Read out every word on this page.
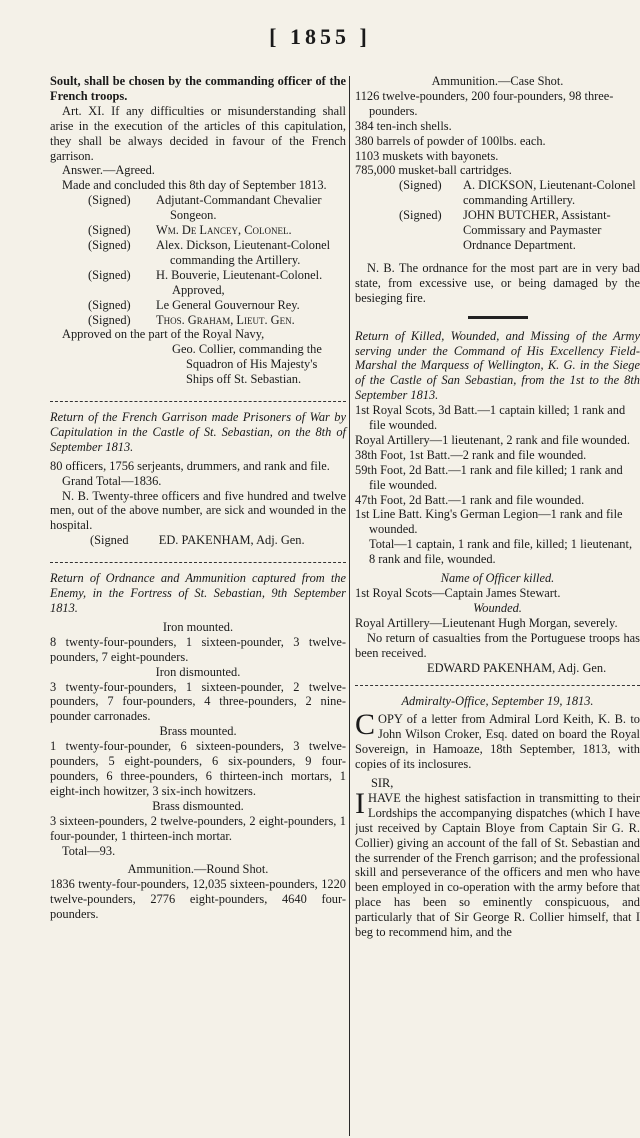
[ 1855 ]

Soult, shall be chosen by the commanding officer of the French troops.

Art. XI. If any difficulties or misunderstanding shall arise in the execution of the articles of this capitulation, they shall be always decided in favour of the French garrison.

Answer.—Agreed.

Made and concluded this 8th day of September 1813.

(Signed)	Adjutant-Commandant Chevalier Songeon.
(Signed)	Wm. De Lancey, Colonel.
(Signed)	Alex. Dickson, Lieutenant-Colonel commanding the Artillery.
(Signed)	H. Bouverie, Lieutenant-Colonel.

Approved,

(Signed)	Le General Gouvernour Rey.
(Signed)	Thos. Graham, Lieut. Gen.

Approved on the part of the Royal Navy,

Geo. Collier, commanding the Squadron of His Majesty's Ships off St. Sebastian.

Return of the French Garrison made Prisoners of War by Capitulation in the Castle of St. Sebastian, on the 8th of September 1813.

80 officers, 1756 serjeants, drummers, and rank and file.

Grand Total—1836.

N. B. Twenty-three officers and five hundred and twelve men, out of the above number, are sick and wounded in the hospital.

(Signed ED. PAKENHAM, Adj. Gen.

Return of Ordnance and Ammunition captured from the Enemy, in the Fortress of St. Sebastian, 9th September 1813.

Iron mounted.

8 twenty-four-pounders, 1 sixteen-pounder, 3 twelve-pounders, 7 eight-pounders.

Iron dismounted.

3 twenty-four-pounders, 1 sixteen-pounder, 2 twelve-pounders, 7 four-pounders, 4 three-pounders, 2 nine-pounder carronades.

Brass mounted.

1 twenty-four-pounder, 6 sixteen-pounders, 3 twelve-pounders, 5 eight-pounders, 6 six-pounders, 9 four-pounders, 6 three-pounders, 6 thirteen-inch mortars, 1 eight-inch howitzer, 3 six-inch howitzers.

Brass dismounted.

3 sixteen-pounders, 2 twelve-pounders, 2 eight-pounders, 1 four-pounder, 1 thirteen-inch mortar.

Total—93.

Ammunition.—Round Shot.

1836 twenty-four-pounders, 12,035 sixteen-pounders, 1220 twelve-pounders, 2776 eight-pounders, 4640 four-pounders.

Ammunition.—Case Shot.

1126 twelve-pounders, 200 four-pounders, 98 three-pounders.

384 ten-inch shells.

380 barrels of powder of 100lbs. each.

1103 muskets with bayonets.

785,000 musket-ball cartridges.

(Signed)	A. DICKSON, Lieutenant-Colonel commanding Artillery.
(Signed)	JOHN BUTCHER, Assistant-Commissary and Paymaster Ordnance Department.

N. B. The ordnance for the most part are in very bad state, from excessive use, or being damaged by the besieging fire.

Return of Killed, Wounded, and Missing of the Army serving under the Command of His Excellency Field-Marshal the Marquess of Wellington, K. G. in the Siege of the Castle of San Sebastian, from the 1st to the 8th September 1813.

1st Royal Scots, 3d Batt.—1 captain killed; 1 rank and file wounded.

Royal Artillery—1 lieutenant, 2 rank and file wounded.

38th Foot, 1st Batt.—2 rank and file wounded.

59th Foot, 2d Batt.—1 rank and file killed; 1 rank and file wounded.

47th Foot, 2d Batt.—1 rank and file wounded.

1st Line Batt. King's German Legion—1 rank and file wounded.

Total—1 captain, 1 rank and file, killed; 1 lieutenant, 8 rank and file, wounded.

Name of Officer killed.

1st Royal Scots—Captain James Stewart.

Wounded.

Royal Artillery—Lieutenant Hugh Morgan, severely.

No return of casualties from the Portuguese troops has been received.

EDWARD PAKENHAM, Adj. Gen.

Admiralty-Office, September 19, 1813.

COPY of a letter from Admiral Lord Keith, K. B. to John Wilson Croker, Esq. dated on board the Royal Sovereign, in Hamoaze, 18th September, 1813, with copies of its inclosures.

SIR,

IHAVE the highest satisfaction in transmitting to their Lordships the accompanying dispatches (which I have just received by Captain Bloye from Captain Sir G. R. Collier) giving an account of the fall of St. Sebastian and the surrender of the French garrison; and the professional skill and perseverance of the officers and men who have been employed in co-operation with the army before that place has been so eminently conspicuous, and particularly that of Sir George R. Collier himself, that I beg to recommend him, and the
